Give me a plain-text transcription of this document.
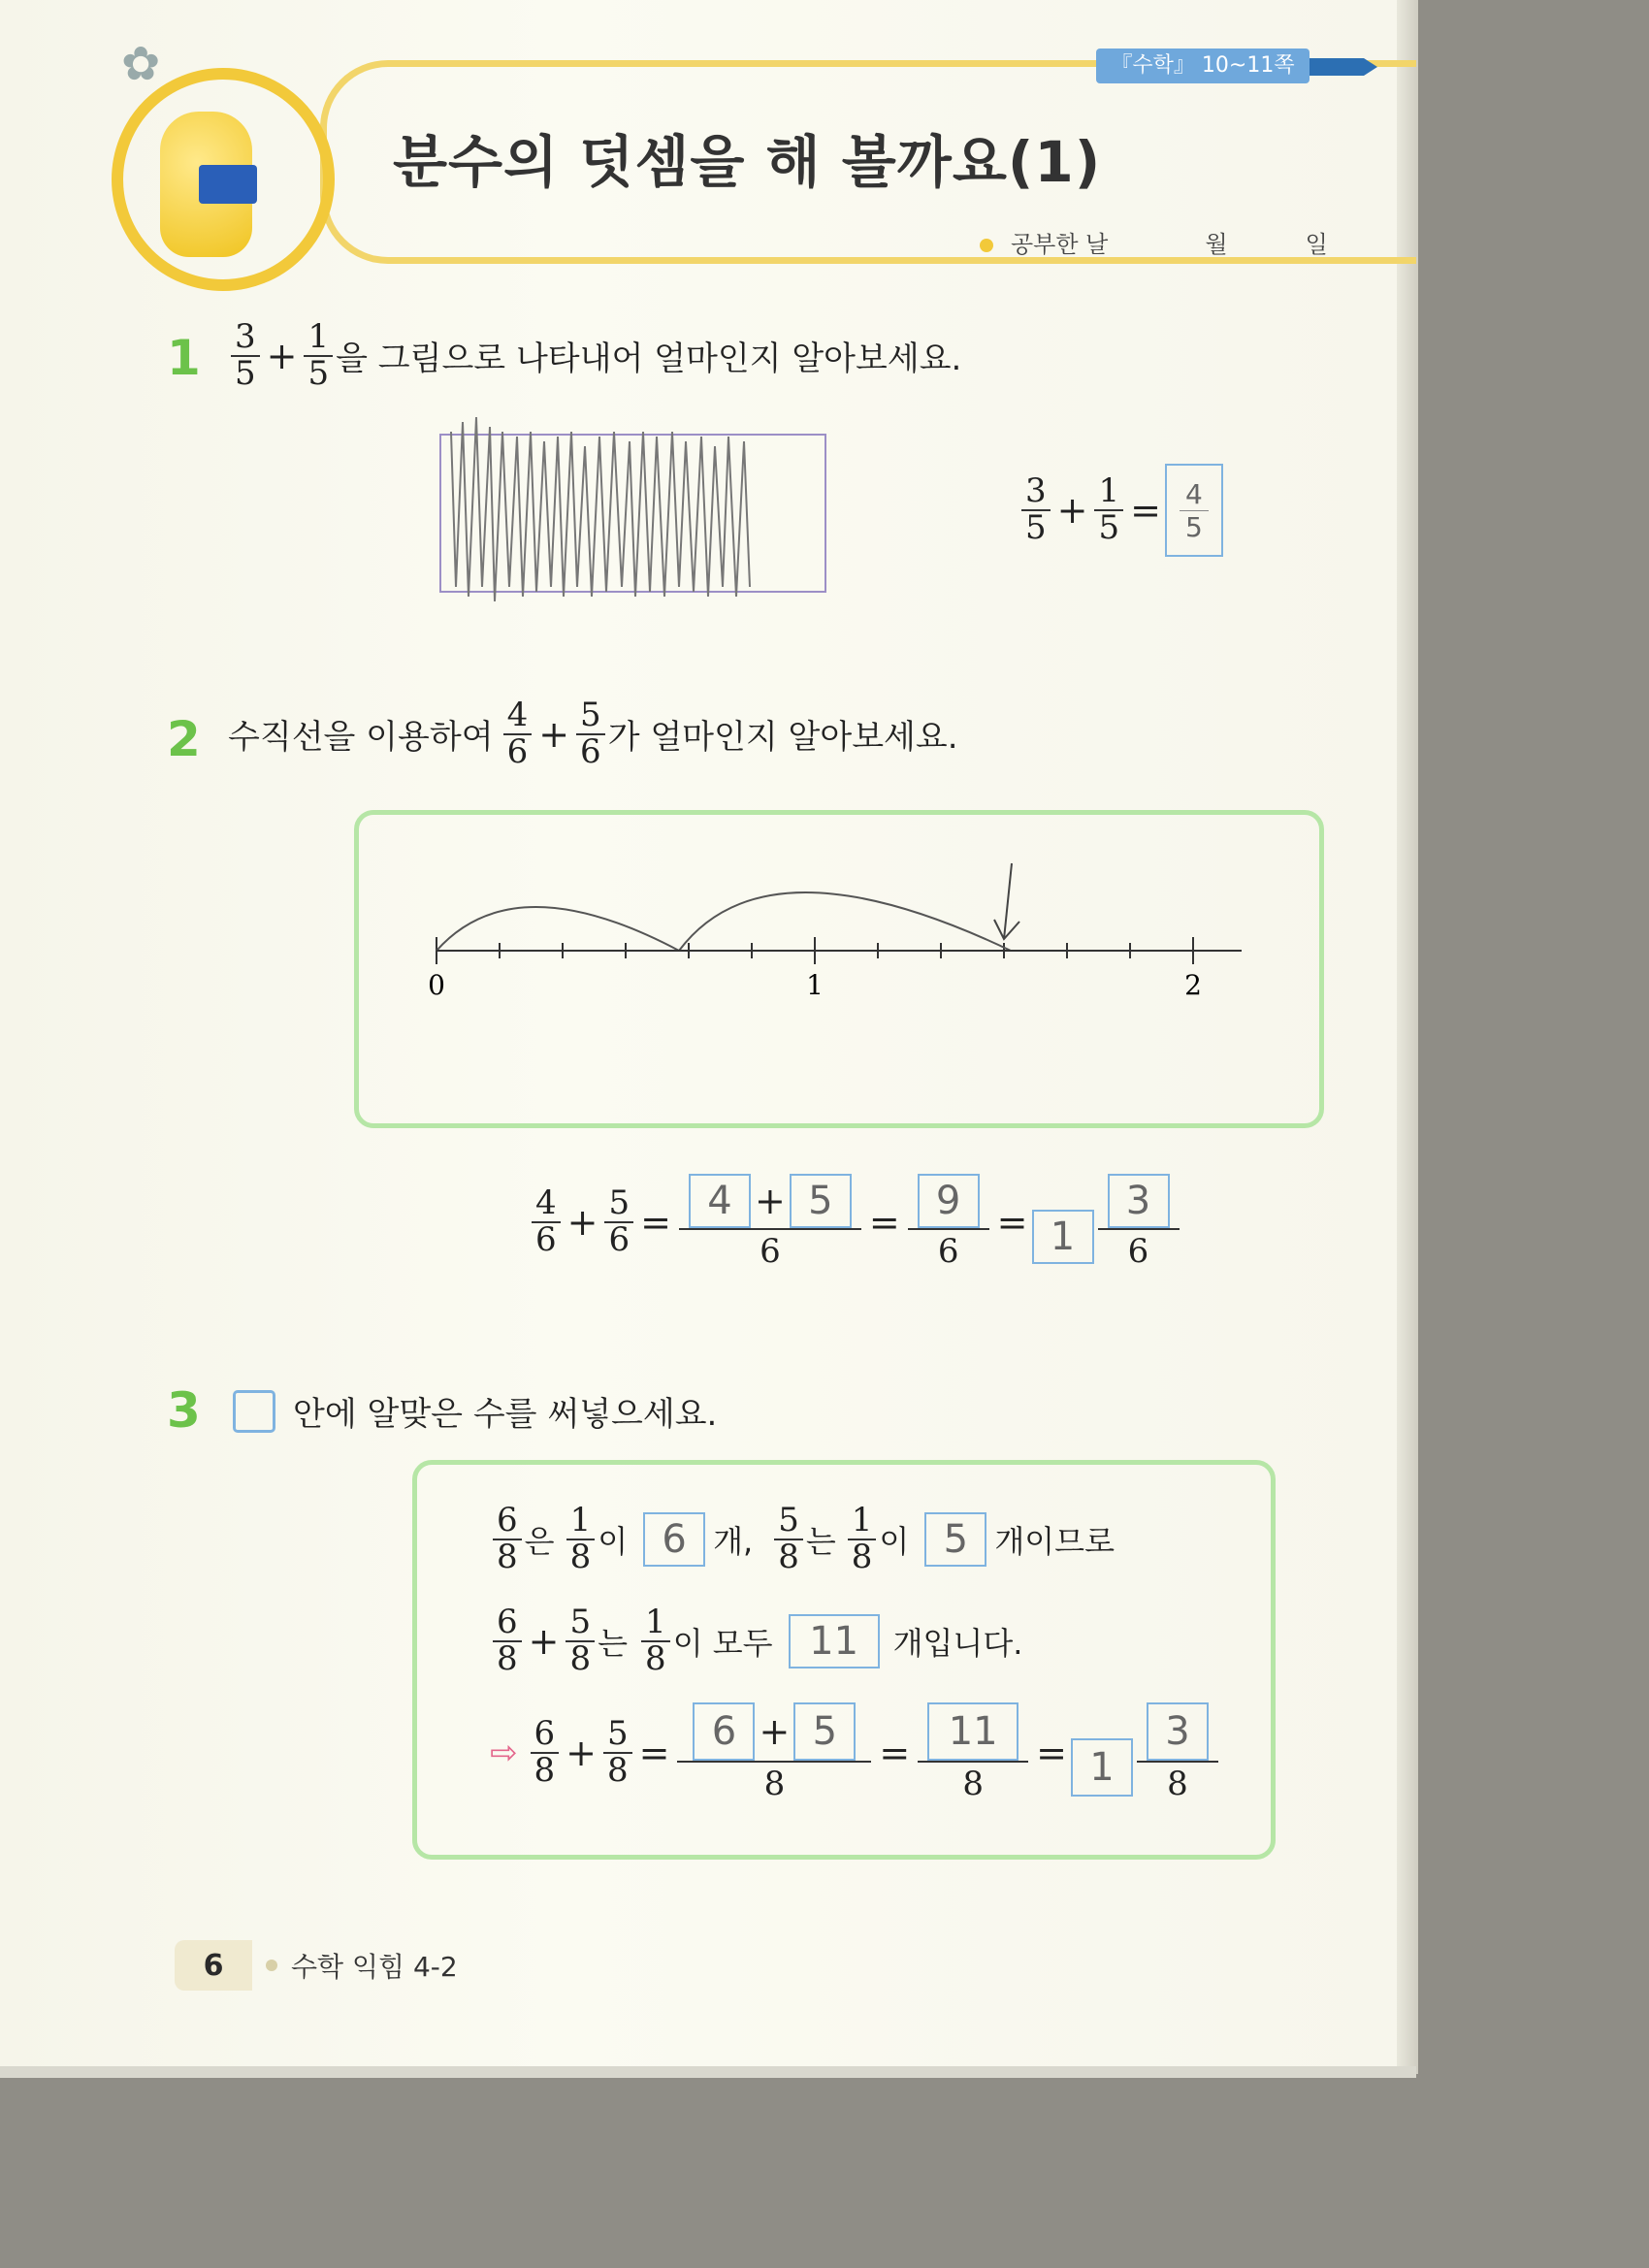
✿	『수학』 10~11쪽
분수의 덧셈을 해 볼까요(1)
공부한 날	월	일
$1 \frac{3}{5} + \frac{1}{5}$ 을 그림으로 나타내어 얼마인지 알아보세요.
$\frac{3}{5} + \frac{1}{5} = \frac{4}{5}$
2 수직선을 이용하여 $\frac{4}{6} + \frac{5}{6}$ 가 얼마인지 알아보세요.
0	1	2
$\frac{4}{6} + \frac{5}{6} = \frac{4 + 5}{6} = \frac{9}{6} = 1$
3
6
3	안에 알맞은 수를 써넣으세요.
$\frac{6}{8}$ 은 $\frac{1}{8}$ 이 6 개, $\frac{5}{8}$ 는 $\frac{1}{8}$ 이 5 개이므로
$\frac{6}{8} + \frac{5}{8}$ 는 $\frac{1}{8}$ 이 모두 11	개입니다.
⇨ $\frac{6}{8} + \frac{5}{8} = \frac{6 + 5}{8} = \frac{11}{8} = 1$
3
8
6	수학 익힘 4-2
